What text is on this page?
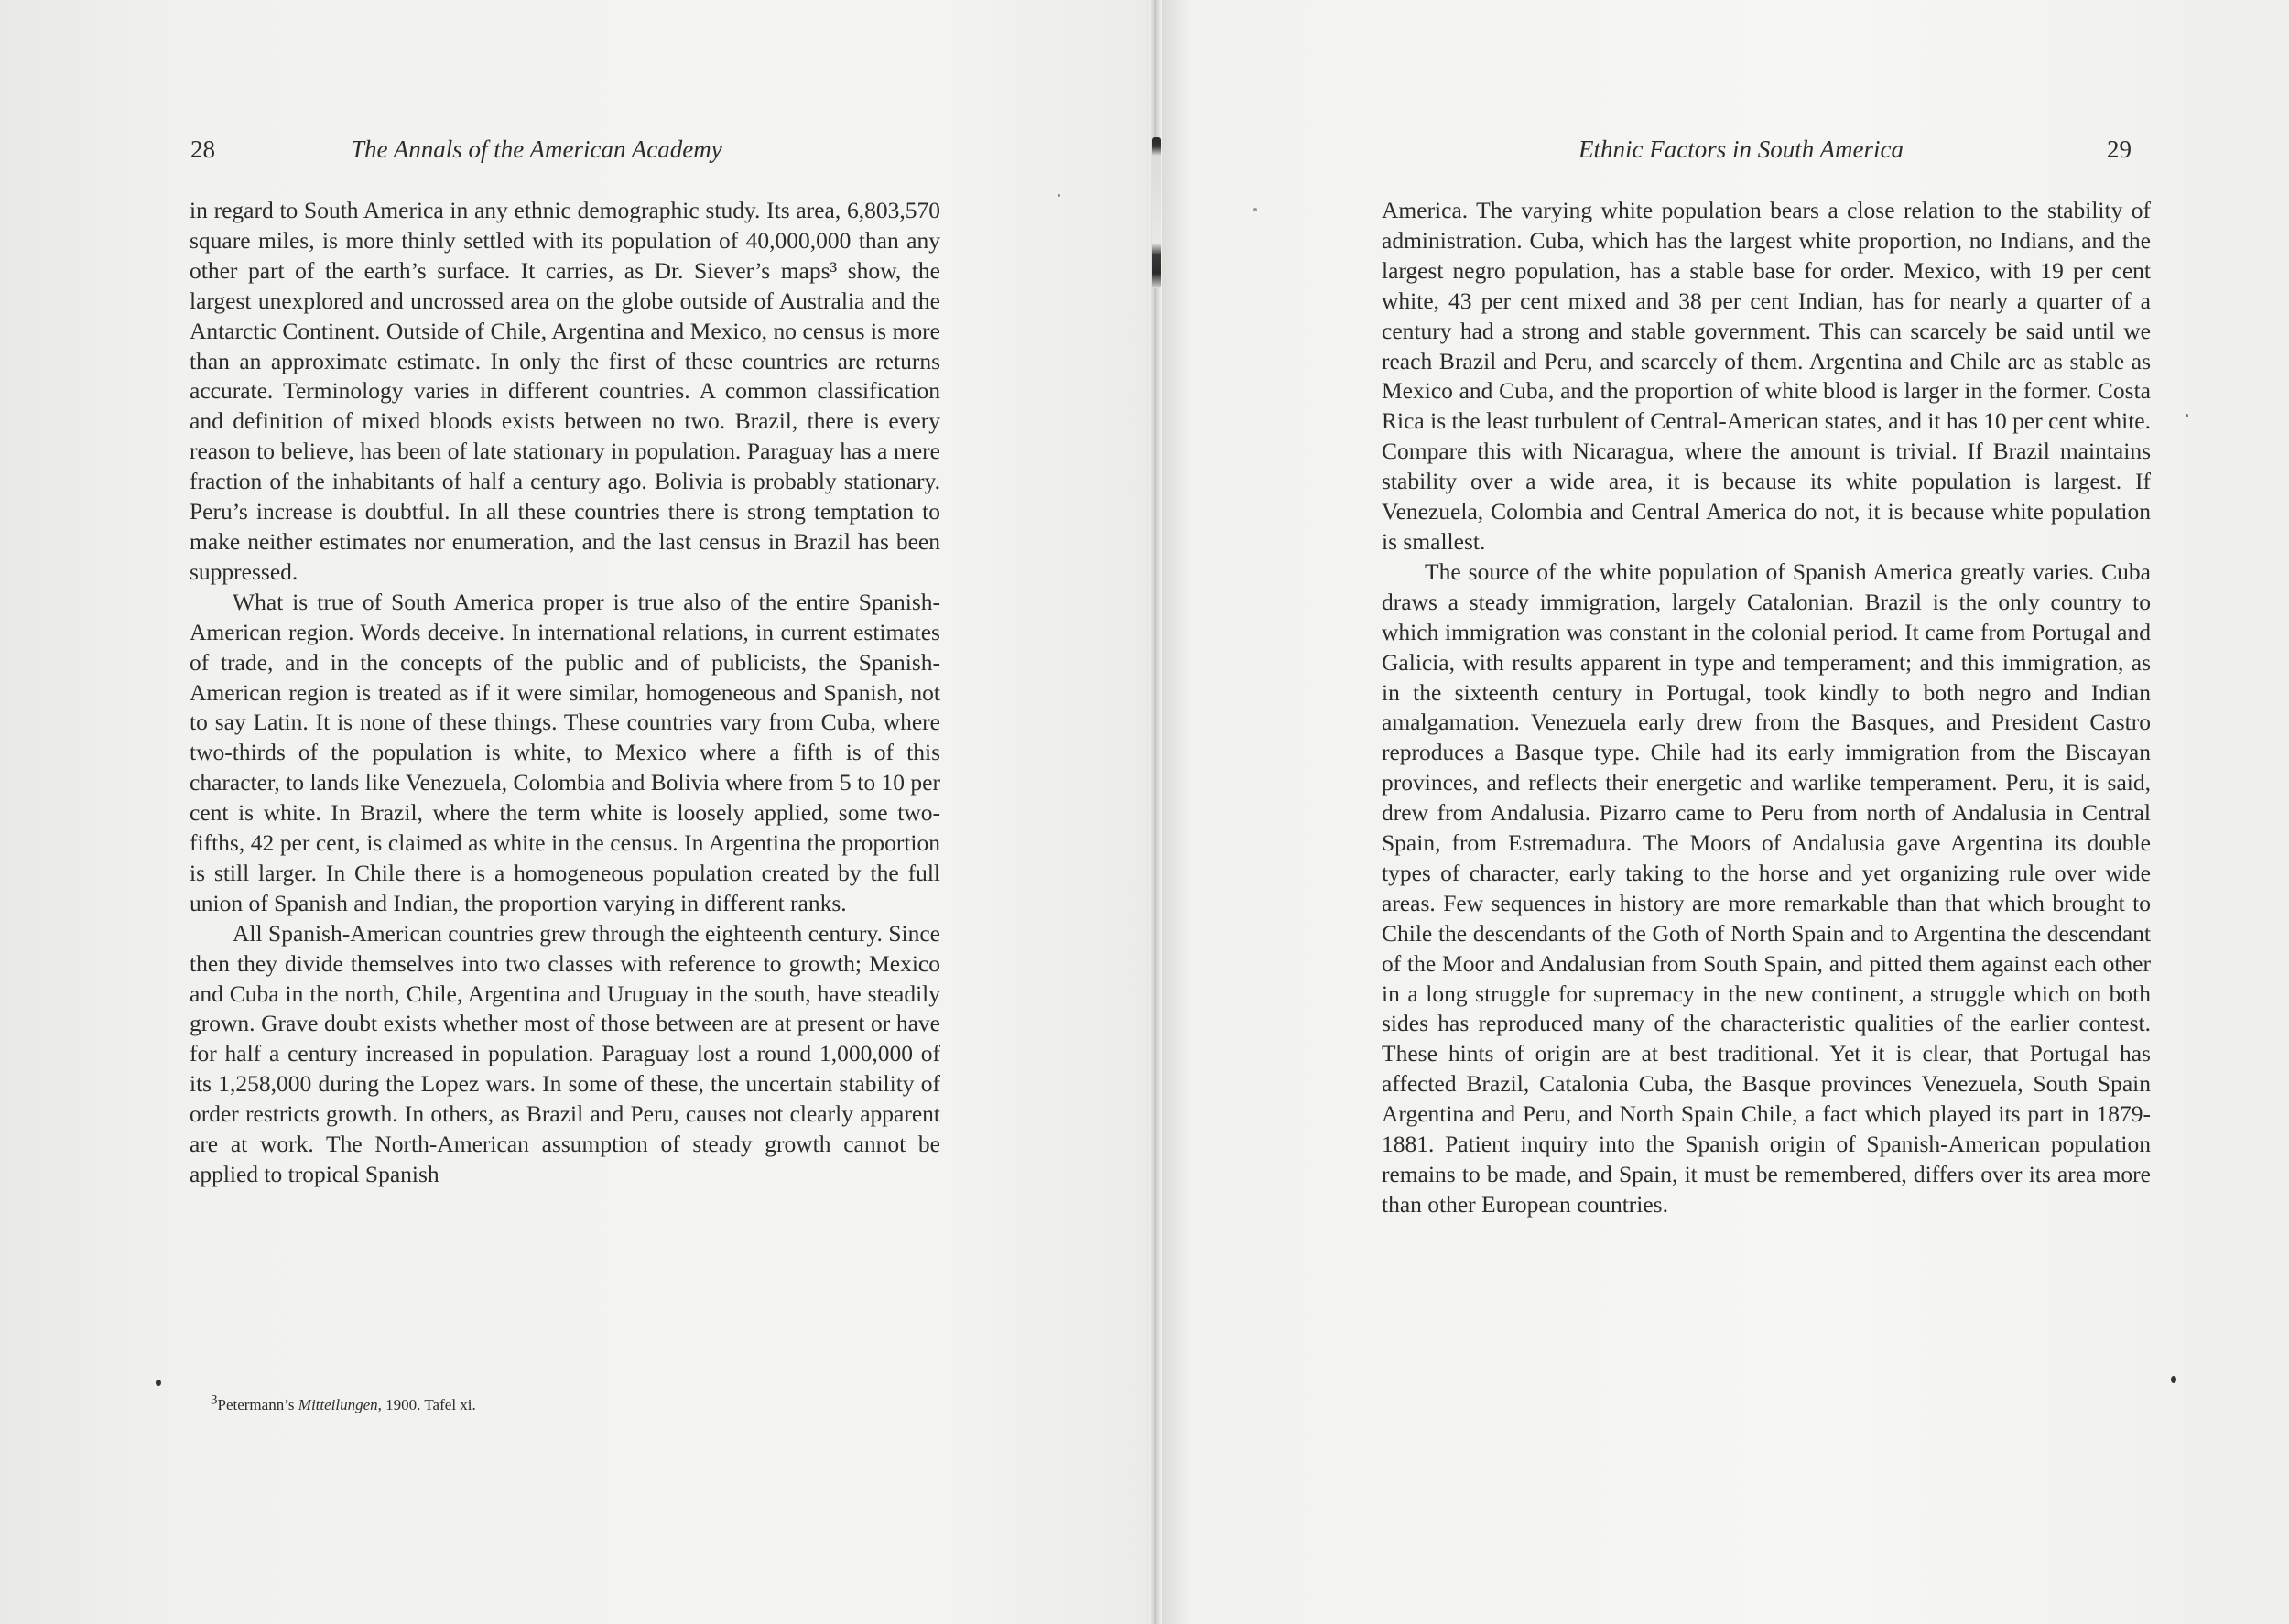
28	The Annals of the American Academy

in regard to South America in any ethnic demographic study. Its area, 6,803,570 square miles, is more thinly settled with its population of 40,000,000 than any other part of the earth’s surface. It carries, as Dr. Siever’s maps³ show, the largest unexplored and uncrossed area on the globe outside of Australia and the Antarctic Continent. Outside of Chile, Argentina and Mexico, no census is more than an approximate estimate. In only the first of these countries are returns accurate. Terminology varies in different countries. A common classification and definition of mixed bloods exists between no two. Brazil, there is every reason to believe, has been of late stationary in population. Paraguay has a mere fraction of the inhabitants of half a century ago. Bolivia is probably stationary. Peru’s increase is doubtful. In all these countries there is strong temptation to make neither estimates nor enumeration, and the last census in Brazil has been suppressed.

What is true of South America proper is true also of the entire Spanish-American region. Words deceive. In international relations, in current estimates of trade, and in the concepts of the public and of publicists, the Spanish-American region is treated as if it were similar, homogeneous and Spanish, not to say Latin. It is none of these things. These countries vary from Cuba, where two-thirds of the population is white, to Mexico where a fifth is of this character, to lands like Venezuela, Colombia and Bolivia where from 5 to 10 per cent is white. In Brazil, where the term white is loosely applied, some two-fifths, 42 per cent, is claimed as white in the census. In Argentina the proportion is still larger. In Chile there is a homogeneous population created by the full union of Spanish and Indian, the proportion varying in different ranks.

All Spanish-American countries grew through the eighteenth century. Since then they divide themselves into two classes with reference to growth; Mexico and Cuba in the north, Chile, Argentina and Uruguay in the south, have steadily grown. Grave doubt exists whether most of those between are at present or have for half a century increased in population. Paraguay lost a round 1,000,000 of its 1,258,000 during the Lopez wars. In some of these, the uncertain stability of order restricts growth. In others, as Brazil and Peru, causes not clearly apparent are at work. The North-American assumption of steady growth cannot be applied to tropical Spanish

3Petermann’s Mitteilungen, 1900. Tafel xi.
Ethnic Factors in South America	29

America. The varying white population bears a close relation to the stability of administration. Cuba, which has the largest white proportion, no Indians, and the largest negro population, has a stable base for order. Mexico, with 19 per cent white, 43 per cent mixed and 38 per cent Indian, has for nearly a quarter of a century had a strong and stable government. This can scarcely be said until we reach Brazil and Peru, and scarcely of them. Argentina and Chile are as stable as Mexico and Cuba, and the proportion of white blood is larger in the former. Costa Rica is the least turbulent of Central-American states, and it has 10 per cent white. Compare this with Nicaragua, where the amount is trivial. If Brazil maintains stability over a wide area, it is because its white population is largest. If Venezuela, Colombia and Central America do not, it is because white population is smallest.

The source of the white population of Spanish America greatly varies. Cuba draws a steady immigration, largely Catalonian. Brazil is the only country to which immigration was constant in the colonial period. It came from Portugal and Galicia, with results apparent in type and temperament; and this immigration, as in the sixteenth century in Portugal, took kindly to both negro and Indian amalgamation. Venezuela early drew from the Basques, and President Castro reproduces a Basque type. Chile had its early immigration from the Biscayan provinces, and reflects their energetic and warlike temperament. Peru, it is said, drew from Andalusia. Pizarro came to Peru from north of Andalusia in Central Spain, from Estremadura. The Moors of Andalusia gave Argentina its double types of character, early taking to the horse and yet organizing rule over wide areas. Few sequences in history are more remarkable than that which brought to Chile the descendants of the Goth of North Spain and to Argentina the descendant of the Moor and Andalusian from South Spain, and pitted them against each other in a long struggle for supremacy in the new continent, a struggle which on both sides has reproduced many of the characteristic qualities of the earlier contest. These hints of origin are at best traditional. Yet it is clear, that Portugal has affected Brazil, Catalonia Cuba, the Basque provinces Venezuela, South Spain Argentina and Peru, and North Spain Chile, a fact which played its part in 1879-1881. Patient inquiry into the Spanish origin of Spanish-American population remains to be made, and Spain, it must be remembered, differs over its area more than other European countries.
